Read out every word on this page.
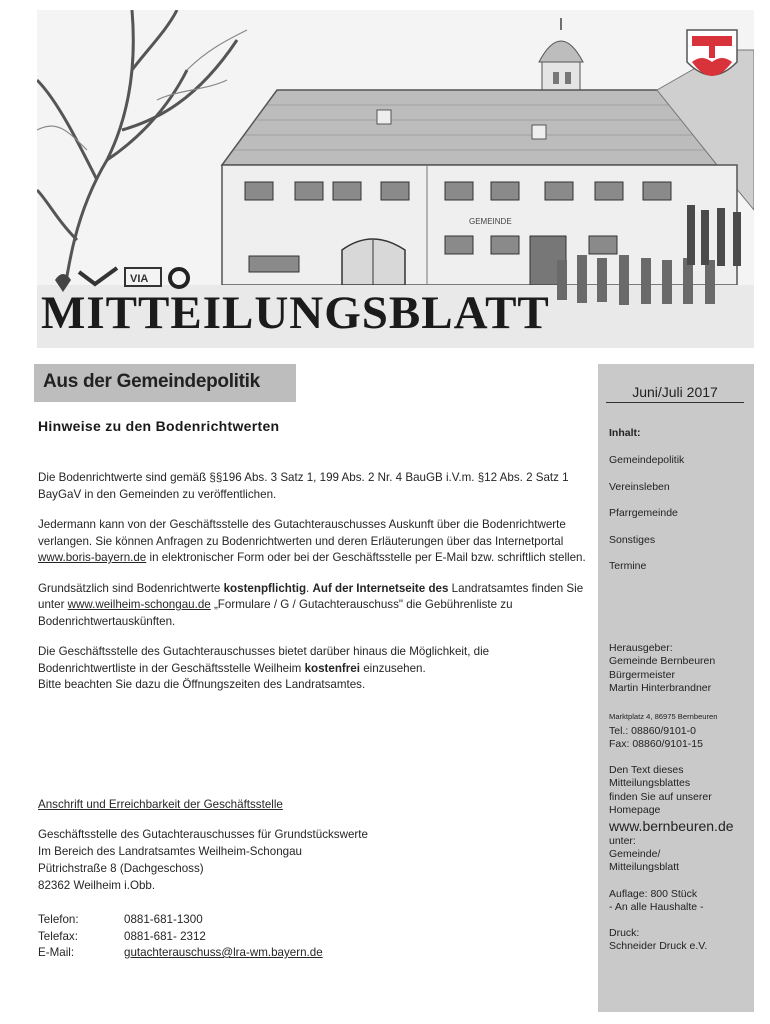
GEMEINDE
VIA
MITTEILUNGSBLATT
Aus der Gemeindepolitik
Hinweise zu den Bodenrichtwerten

Die Bodenrichtwerte sind gemäß §§196 Abs. 3 Satz 1, 199 Abs. 2 Nr. 4 BauGB i.V.m. §12 Abs. 2 Satz 1 BayGaV in den Gemeinden zu veröffentlichen.

Jedermann kann von der Geschäftsstelle des Gutachterauschusses Auskunft über die Bodenrichtwerte verlangen. Sie können Anfragen zu Bodenrichtwerten und deren Erläuterungen über das Internetportal www.boris-bayern.de in elektronischer Form oder bei der Geschäftsstelle per E-Mail bzw. schriftlich stellen.

Grundsätzlich sind Bodenrichtwerte kostenpflichtig. Auf der Internetseite des Landratsamtes finden Sie unter www.weilheim-schongau.de „Formulare / G / Gutachterauschuss" die Gebührenliste zu Bodenrichtwertauskünften.

Die Geschäftsstelle des Gutachterauschusses bietet darüber hinaus die Möglichkeit, die Bodenrichtwertliste in der Geschäftsstelle Weilheim kostenfrei einzusehen.
Bitte beachten Sie dazu die Öffnungszeiten des Landratsamtes.

Anschrift und Erreichbarkeit der Geschäftsstelle

Geschäftsstelle des Gutachterauschusses für Grundstückswerte
Im Bereich des Landratsamtes Weilheim-Schongau
Pütrichstraße 8 (Dachgeschoss)
82362 Weilheim i.Obb.
Telefon:	0881-681-1300
Telefax:	0881-681- 2312
E-Mail:	gutachterauschuss@lra-wm.bayern.de
Juni/Juli 2017
Inhalt:
Gemeindepolitik
Vereinsleben
Pfarrgemeinde
Sonstiges
Termine
Herausgeber:
Gemeinde Bernbeuren
Bürgermeister
Martin Hinterbrandner
Marktplatz 4, 86975 Bernbeuren
Tel.: 08860/9101-0
Fax: 08860/9101-15
Den Text dieses
Mitteilungsblattes
finden Sie auf unserer
Homepage
www.bernbeuren.de
unter:
Gemeinde/
Mitteilungsblatt
Auflage: 800 Stück
- An alle Haushalte -
Druck:
Schneider Druck e.V.
